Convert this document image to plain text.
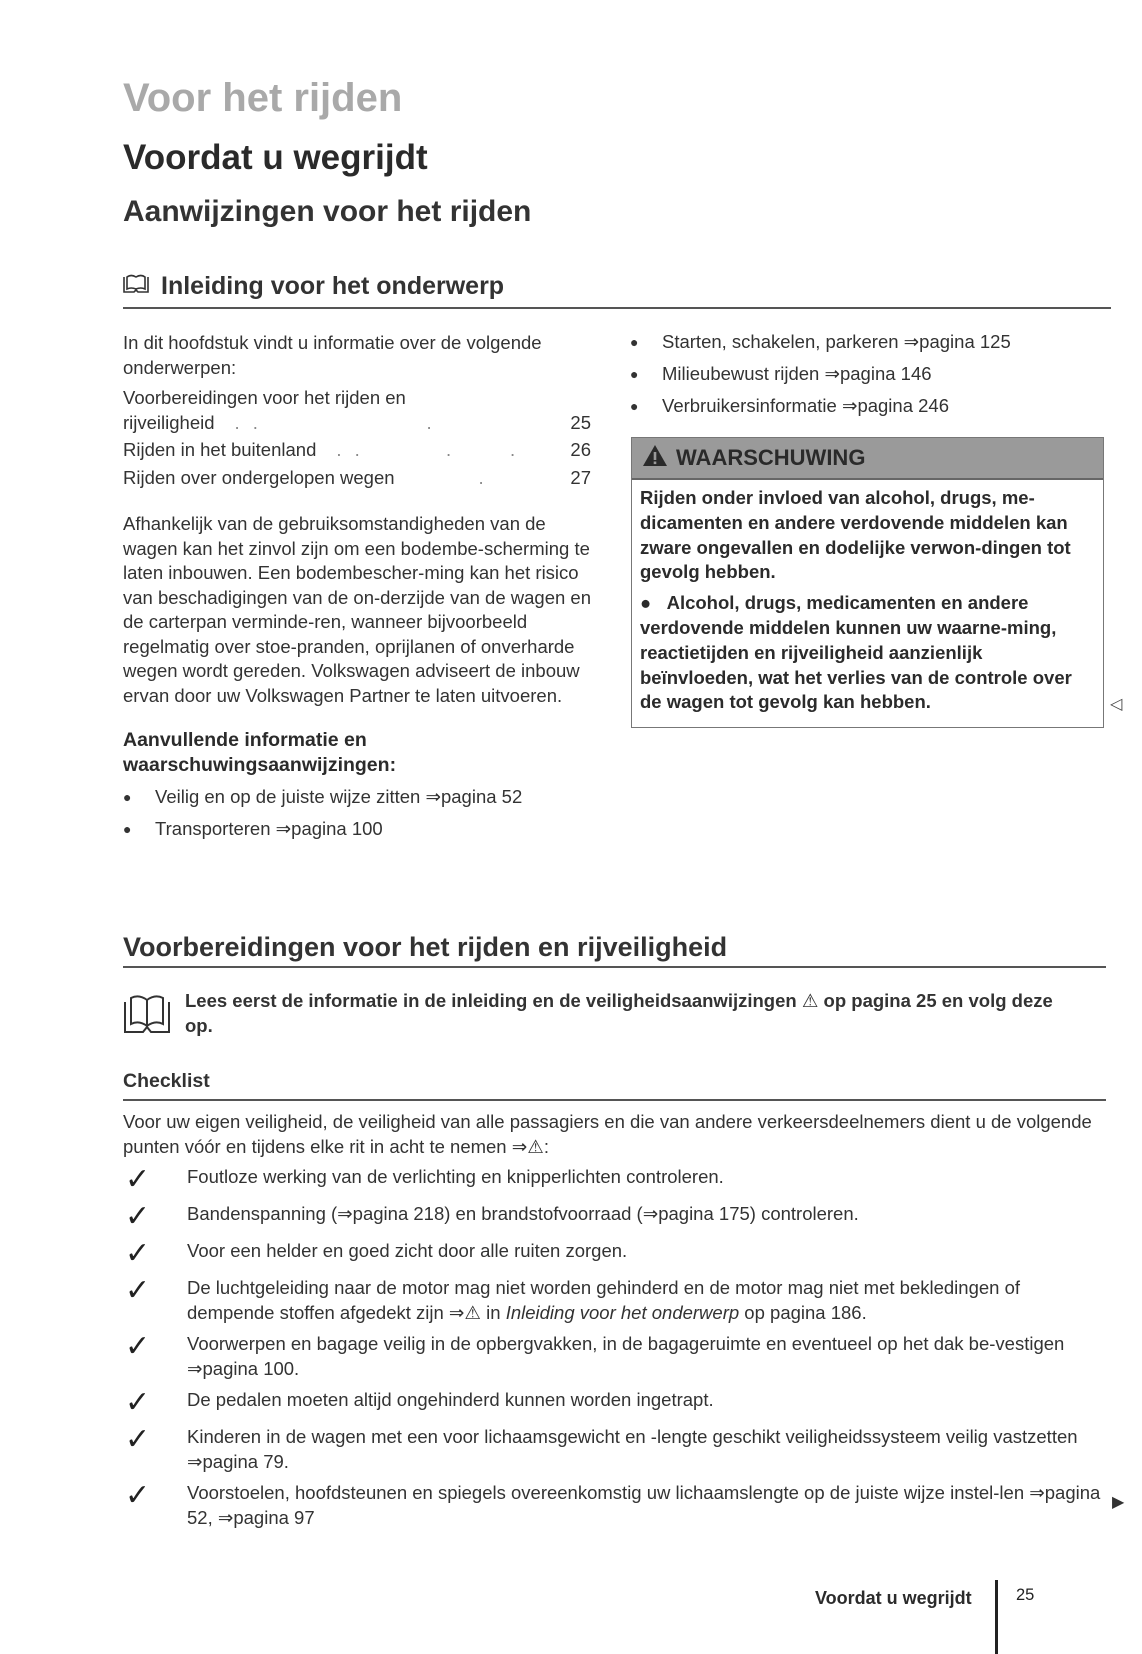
Voor het rijden
Voordat u wegrijdt
Aanwijzingen voor het rijden
Inleiding voor het onderwerp
In dit hoofdstuk vindt u informatie over de volgende onderwerpen:
Voorbereidingen voor het rijden en
rijveiligheid	. .                  .	25
Rijden in het buitenland	. .         .      .	26
Rijden over ondergelopen wegen	.	27
Afhankelijk van de gebruiksomstandigheden van de wagen kan het zinvol zijn om een bodembe-scherming te laten inbouwen. Een bodembescher-ming kan het risico van beschadigingen van de on-derzijde van de wagen en de carterpan verminde-ren, wanneer bijvoorbeeld regelmatig over stoe-pranden, oprijlanen of onverharde wegen wordt gereden. Volkswagen adviseert de inbouw ervan door uw Volkswagen Partner te laten uitvoeren.
Aanvullende informatie en waarschuwingsaanwijzingen:
●	Veilig en op de juiste wijze zitten ⇒pagina 52
●	Transporteren ⇒pagina 100
●	Starten, schakelen, parkeren ⇒pagina 125
●	Milieubewust rijden ⇒pagina 146
●	Verbruikersinformatie ⇒pagina 246
WAARSCHUWING

Rijden onder invloed van alcohol, drugs, me-dicamenten en andere verdovende middelen kan zware ongevallen en dodelijke verwon-dingen tot gevolg hebben.

●   Alcohol, drugs, medicamenten en andere verdovende middelen kunnen uw waarne-ming, reactietijden en rijveiligheid aanzienlijk beïnvloeden, wat het verlies van de controle over de wagen tot gevolg kan hebben.	◁
Voorbereidingen voor het rijden en rijveiligheid
Lees eerst de informatie in de inleiding en de veiligheidsaanwijzingen ⚠ op pagina 25 en volg deze op.
Checklist
Voor uw eigen veiligheid, de veiligheid van alle passagiers en die van andere verkeersdeelnemers dient u de volgende punten vóór en tijdens elke rit in acht te nemen ⇒⚠:
✓	Foutloze werking van de verlichting en knipperlichten controleren.
✓	Bandenspanning (⇒pagina 218) en brandstofvoorraad (⇒pagina 175) controleren.
✓	Voor een helder en goed zicht door alle ruiten zorgen.
✓	De luchtgeleiding naar de motor mag niet worden gehinderd en de motor mag niet met bekledingen of dempende stoffen afgedekt zijn ⇒⚠ in Inleiding voor het onderwerp op pagina 186.
✓	Voorwerpen en bagage veilig in de opbergvakken, in de bagageruimte en eventueel op het dak be-vestigen ⇒pagina 100.
✓	De pedalen moeten altijd ongehinderd kunnen worden ingetrapt.
✓	Kinderen in de wagen met een voor lichaamsgewicht en -lengte geschikt veiligheidssysteem veilig vastzetten ⇒pagina 79.
✓	Voorstoelen, hoofdsteunen en spiegels overeenkomstig uw lichaamslengte op de juiste wijze instel-len ⇒pagina 52, ⇒pagina 97
▶
Voordat u wegrijdt	25
